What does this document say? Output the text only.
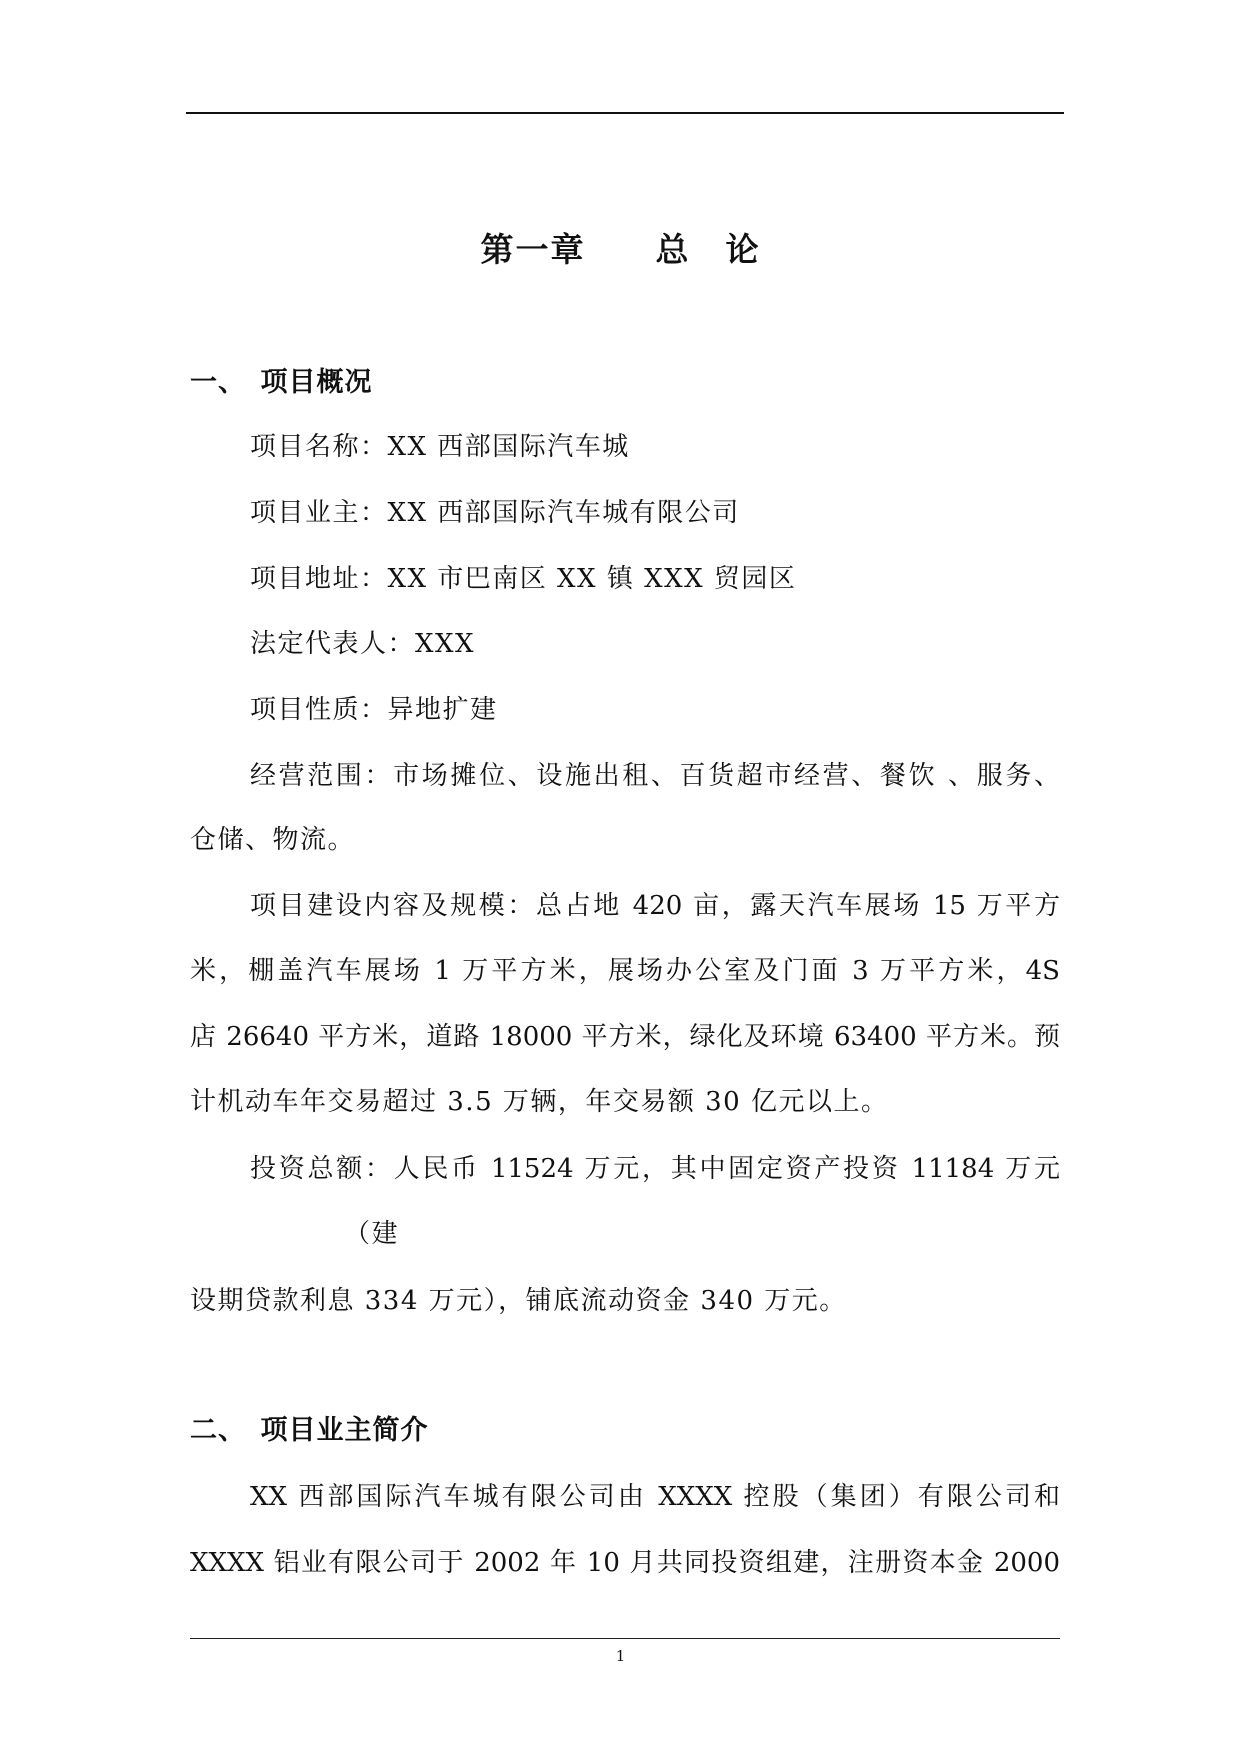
第一章　　总　论
一、　项目概况
项目名称：XX 西部国际汽车城
项目业主：XX 西部国际汽车城有限公司
项目地址：XX 市巴南区 XX 镇 XXX 贸园区
法定代表人：XXX
项目性质：异地扩建
经营范围：市场摊位、设施出租、百货超市经营、餐饮 、服务、
仓储、物流。
项目建设内容及规模：总占地 420 亩，露天汽车展场 15 万平方
米，棚盖汽车展场 1 万平方米，展场办公室及门面 3 万平方米，4S
店 26640 平方米，道路 18000 平方米，绿化及环境 63400 平方米。预
计机动车年交易超过 3.5 万辆，年交易额 30 亿元以上。
投资总额：人民币 11524 万元，其中固定资产投资 11184 万元
（建
设期贷款利息 334 万元），铺底流动资金 340 万元。
二、　项目业主简介
XX 西部国际汽车城有限公司由 XXXX 控股（集团）有限公司和
XXXX 铝业有限公司于 2002 年 10 月共同投资组建，注册资本金 2000
1
